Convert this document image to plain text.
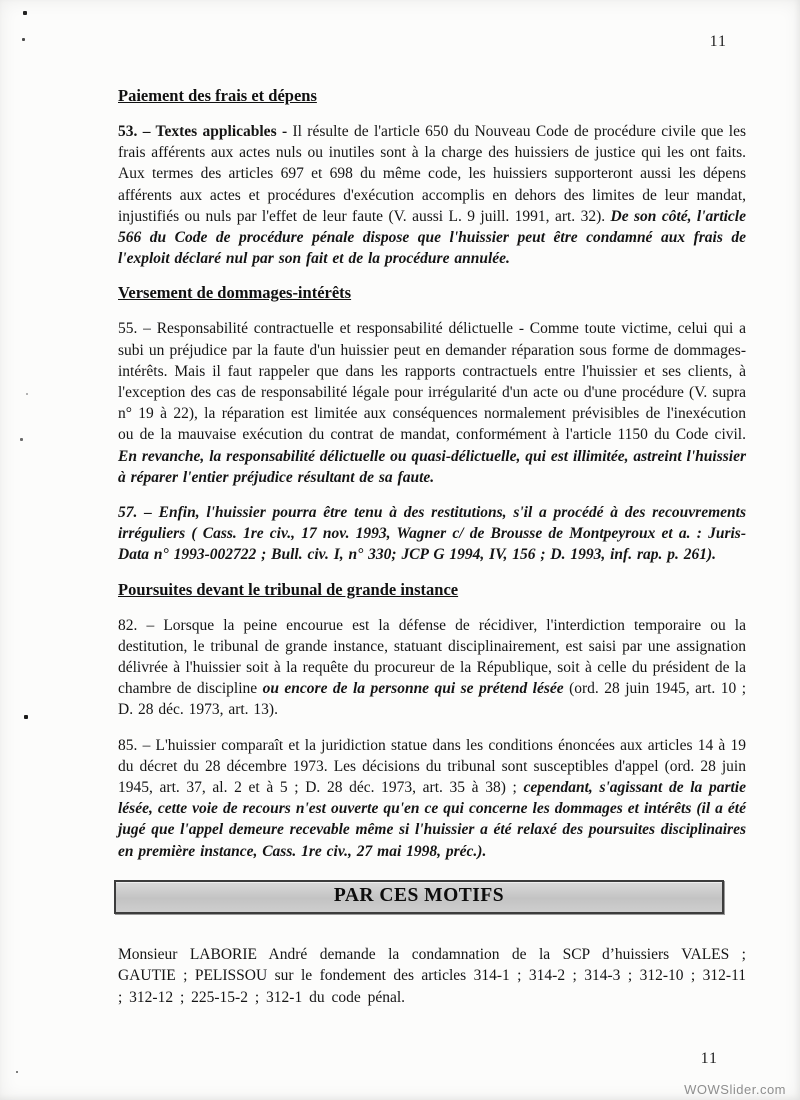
11
Paiement des frais et dépens

53. – Textes applicables - Il résulte de l'article 650 du Nouveau Code de procédure civile que les frais afférents aux actes nuls ou inutiles sont à la charge des huissiers de justice qui les ont faits. Aux termes des articles 697 et 698 du même code, les huissiers supporteront aussi les dépens afférents aux actes et procédures d'exécution accomplis en dehors des limites de leur mandat, injustifiés ou nuls par l'effet de leur faute (V. aussi L. 9 juill. 1991, art. 32). De son côté, l'article 566 du Code de procédure pénale dispose que l'huissier peut être condamné aux frais de l'exploit déclaré nul par son fait et de la procédure annulée.

Versement de dommages-intérêts

55. – Responsabilité contractuelle et responsabilité délictuelle - Comme toute victime, celui qui a subi un préjudice par la faute d'un huissier peut en demander réparation sous forme de dommages-intérêts. Mais il faut rappeler que dans les rapports contractuels entre l'huissier et ses clients, à l'exception des cas de responsabilité légale pour irrégularité d'un acte ou d'une procédure (V. supra n° 19 à 22), la réparation est limitée aux conséquences normalement prévisibles de l'inexécution ou de la mauvaise exécution du contrat de mandat, conformément à l'article 1150 du Code civil. En revanche, la responsabilité délictuelle ou quasi-délictuelle, qui est illimitée, astreint l'huissier à réparer l'entier préjudice résultant de sa faute.

57. – Enfin, l'huissier pourra être tenu à des restitutions, s'il a procédé à des recouvrements irréguliers ( Cass. 1re civ., 17 nov. 1993, Wagner c/ de Brousse de Montpeyroux et a. : Juris-Data n° 1993-002722 ; Bull. civ. I, n° 330; JCP G 1994, IV, 156 ; D. 1993, inf. rap. p. 261).

Poursuites devant le tribunal de grande instance

82. – Lorsque la peine encourue est la défense de récidiver, l'interdiction temporaire ou la destitution, le tribunal de grande instance, statuant disciplinairement, est saisi par une assignation délivrée à l'huissier soit à la requête du procureur de la République, soit à celle du président de la chambre de discipline ou encore de la personne qui se prétend lésée (ord. 28 juin 1945, art. 10 ; D. 28 déc. 1973, art. 13).

85. – L'huissier comparaît et la juridiction statue dans les conditions énoncées aux articles 14 à 19 du décret du 28 décembre 1973. Les décisions du tribunal sont susceptibles d'appel (ord. 28 juin 1945, art. 37, al. 2 et à 5 ; D. 28 déc. 1973, art. 35 à 38) ; cependant, s'agissant de la partie lésée, cette voie de recours n'est ouverte qu'en ce qui concerne les dommages et intérêts (il a été jugé que l'appel demeure recevable même si l'huissier a été relaxé des poursuites disciplinaires en première instance, Cass. 1re civ., 27 mai 1998, préc.).

PAR CES MOTIFS

Monsieur LABORIE André demande la condamnation de la SCP d’huissiers VALES ; GAUTIE ; PELISSOU sur le fondement des articles 314-1 ; 314-2 ; 314-3 ; 312-10 ; 312-11 ; 312-12 ; 225-15-2 ; 312-1 du code pénal.

11
WOWSlider.com
